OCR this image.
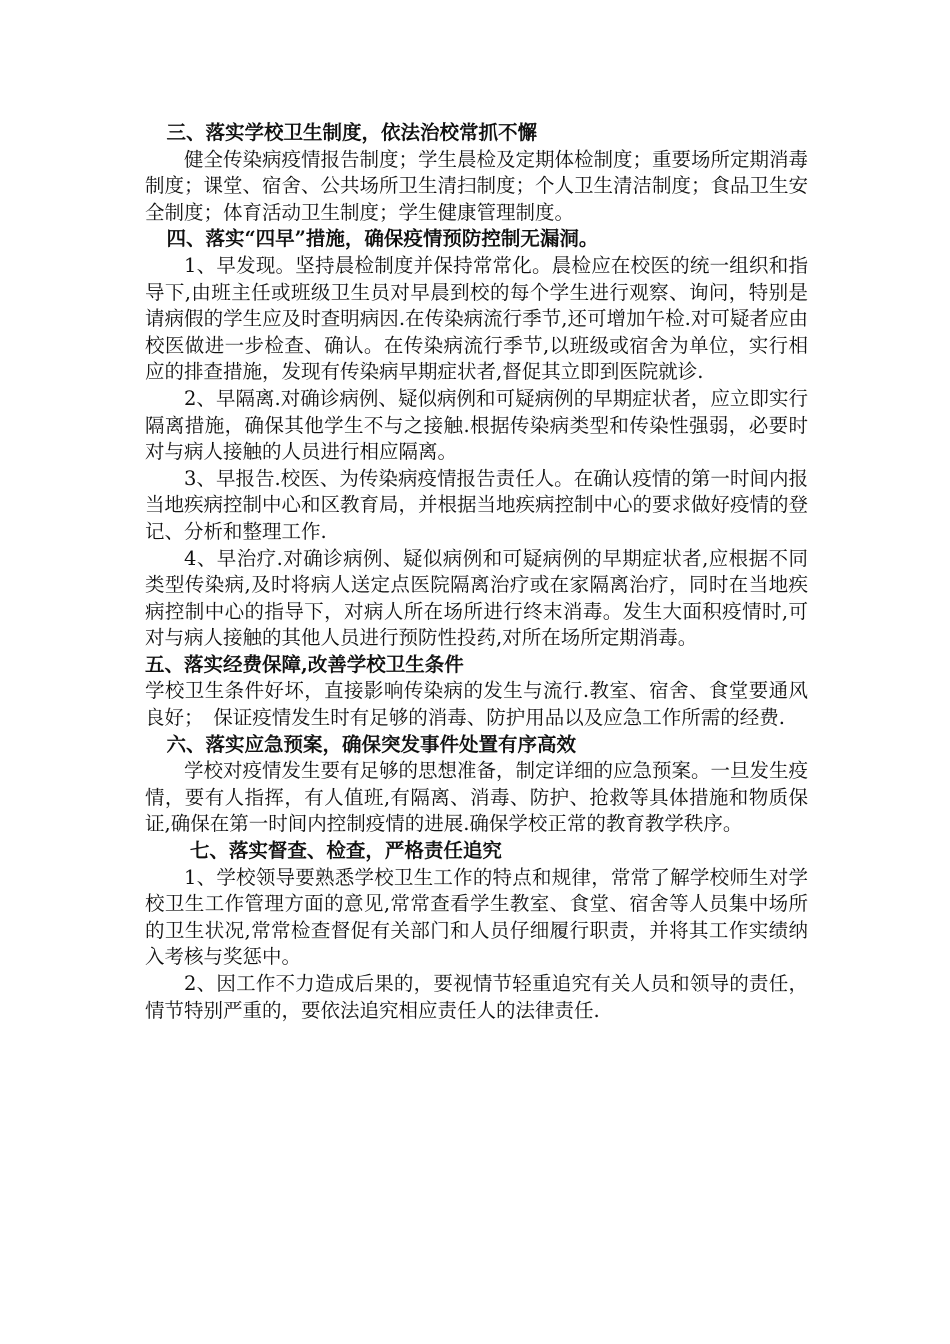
三、落实学校卫生制度，依法治校常抓不懈

健全传染病疫情报告制度；学生晨检及定期体检制度；重要场所定期消毒制度；课堂、宿舍、公共场所卫生清扫制度；个人卫生清洁制度；食品卫生安全制度；体育活动卫生制度；学生健康管理制度。

四、落实“四早”措施，确保疫情预防控制无漏洞。

1、早发现。坚持晨检制度并保持常常化。晨检应在校医的统一组织和指导下,由班主任或班级卫生员对早晨到校的每个学生进行观察、询问，特别是请病假的学生应及时查明病因.在传染病流行季节,还可增加午检.对可疑者应由校医做进一步检查、确认。在传染病流行季节,以班级或宿舍为单位，实行相应的排查措施，发现有传染病早期症状者,督促其立即到医院就诊.

2、早隔离.对确诊病例、疑似病例和可疑病例的早期症状者，应立即实行隔离措施，确保其他学生不与之接触.根据传染病类型和传染性强弱，必要时对与病人接触的人员进行相应隔离。

3、早报告.校医、为传染病疫情报告责任人。在确认疫情的第一时间内报当地疾病控制中心和区教育局，并根据当地疾病控制中心的要求做好疫情的登记、分析和整理工作.

4、早治疗.对确诊病例、疑似病例和可疑病例的早期症状者,应根据不同类型传染病,及时将病人送定点医院隔离治疗或在家隔离治疗，同时在当地疾病控制中心的指导下，对病人所在场所进行终末消毒。发生大面积疫情时,可对与病人接触的其他人员进行预防性投药,对所在场所定期消毒。

五、落实经费保障,改善学校卫生条件

学校卫生条件好坏，直接影响传染病的发生与流行.教室、宿舍、食堂要通风良好；　保证疫情发生时有足够的消毒、防护用品以及应急工作所需的经费.

六、落实应急预案，确保突发事件处置有序高效

学校对疫情发生要有足够的思想准备，制定详细的应急预案。一旦发生疫情，要有人指挥，有人值班,有隔离、消毒、防护、抢救等具体措施和物质保证,确保在第一时间内控制疫情的进展.确保学校正常的教育教学秩序。

七、落实督查、检查，严格责任追究

1、学校领导要熟悉学校卫生工作的特点和规律，常常了解学校师生对学校卫生工作管理方面的意见,常常查看学生教室、食堂、宿舍等人员集中场所的卫生状况,常常检查督促有关部门和人员仔细履行职责，并将其工作实绩纳入考核与奖惩中。

2、因工作不力造成后果的，要视情节轻重追究有关人员和领导的责任，情节特别严重的，要依法追究相应责任人的法律责任.
